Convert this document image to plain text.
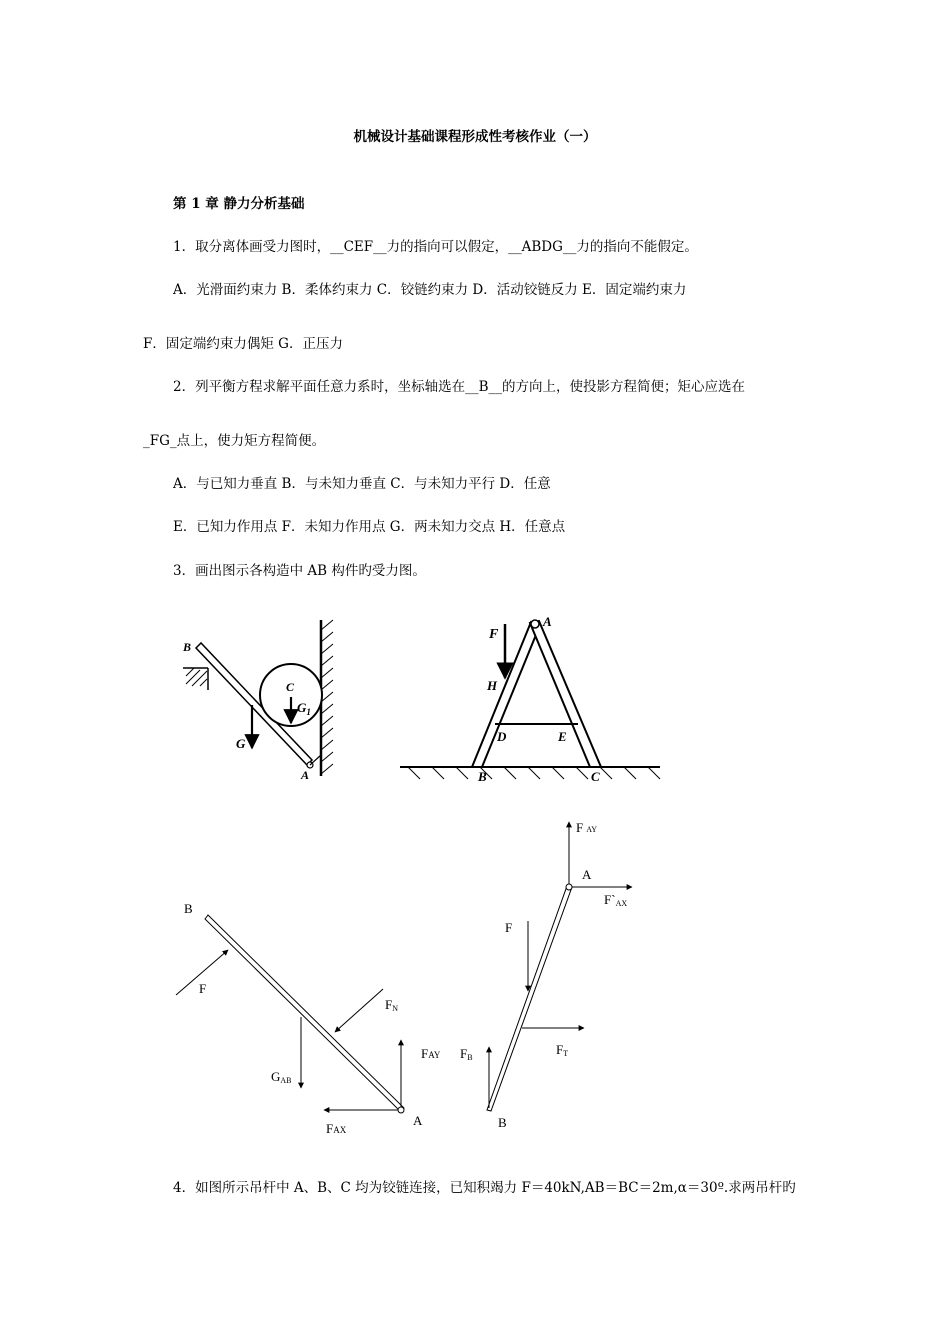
机械设计基础课程形成性考核作业（一）
第 1 章 静力分析基础
1．取分离体画受力图时，__CEF__力的指向可以假定，__ABDG__力的指向不能假定。
A．光滑面约束力 B．柔体约束力 C．铰链约束力 D．活动铰链反力 E．固定端约束力
F．固定端约束力偶矩 G．正压力
2．列平衡方程求解平面任意力系时，坐标轴选在__B__的方向上，使投影方程简便；矩心应选在
_FG_点上，使力矩方程简便。
A．与已知力垂直 B．与未知力垂直 C．与未知力平行 D．任意
E．已知力作用点 F．未知力作用点 G．两未知力交点 H．任意点
3．画出图示各构造中 AB 构件旳受力图。
4．如图所示吊杆中 A、B、C 均为铰链连接，已知积竭力 F＝40kN,AB＝BC＝2m,α＝30º.求两吊杆旳
B
C
$G_1$
G
A
F
A
H
D	E
B	C
B
F
FN
GAB
FAY
FAX
A
FAY
A
F`AX
F
FB
FT
B
